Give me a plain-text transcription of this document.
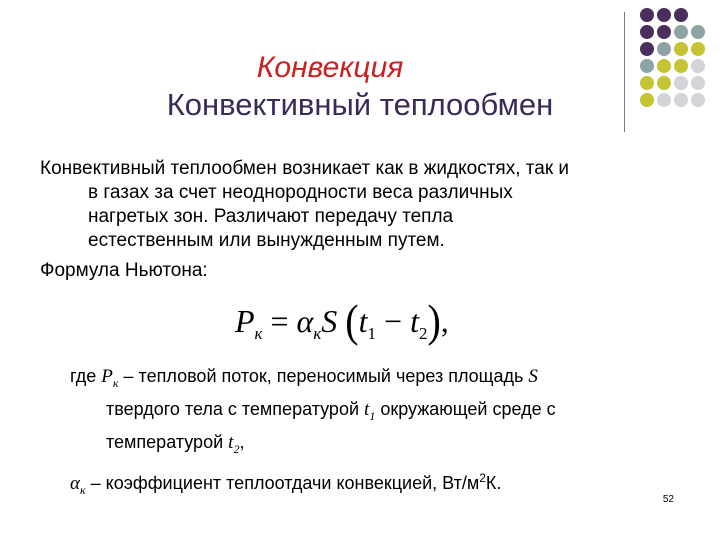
Конвекция
Конвективный теплообмен

Конвективный теплообмен возникает как в жидкостях, так и

в газах за счет неоднородности веса различных

нагретых зон. Различают передачу тепла

естественным или вынужденным путем.

Формула Ньютона:
$P_к = \alpha_кS$ $(t_1 - t_2)$,

где $P_к$ – тепловой поток, переносимый через площадь S

твердого тела с температурой $t_1$ окружающей среде с

температурой $t_2$,

$\alpha_к$ – коэффициент теплоотдачи конвекцией, $Вт/м^2К$.

52
